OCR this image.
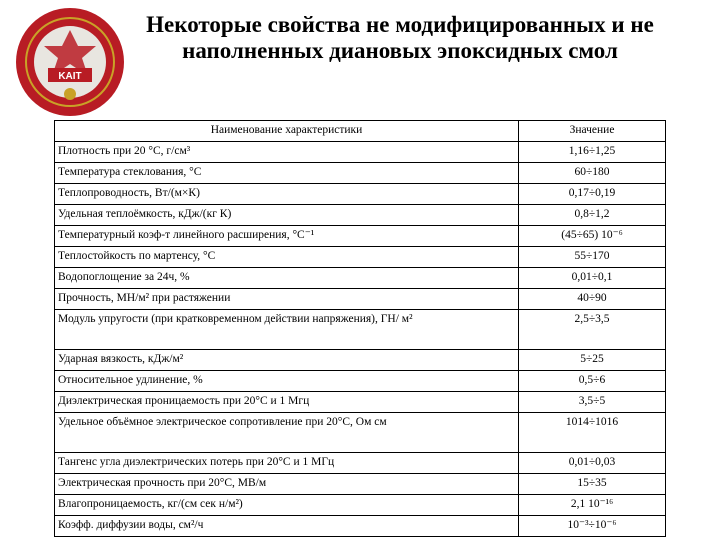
KAIT
Некоторые свойства не модифицированных и не наполненных диановых эпоксидных смол
Наименование характеристики	Значение
Плотность при 20 °С, г/см³	1,16÷1,25
Температура стеклования, °С	60÷180
Теплопроводность, Вт/(м×К)	0,17÷0,19
Удельная теплоёмкость, кДж/(кг К)	0,8÷1,2
Температурный коэф-т линейного расширения, °С⁻¹	(45÷65) 10⁻⁶
Теплостойкость по мартенсу, °С	55÷170
Водопоглощение за 24ч, %	0,01÷0,1
Прочность, МН/м² при растяжении	40÷90
Модуль упругости (при кратковременном действии напряжения), ГН/ м²	2,5÷3,5
Ударная вязкость, кДж/м²	5÷25
Относительное удлинение, %	0,5÷6
Диэлектрическая проницаемость при 20°С и 1 Мгц	3,5÷5
Удельное объёмное электрическое сопротивление при 20°С, Ом см	1014÷1016
Тангенс угла диэлектрических потерь при 20°С и 1 МГц	0,01÷0,03
Электрическая прочность при 20°С, МВ/м	15÷35
Влагопроницаемость, кг/(см сек н/м²)	2,1 10⁻¹⁶
Коэфф. диффузии воды, см²/ч	10⁻³÷10⁻⁶
